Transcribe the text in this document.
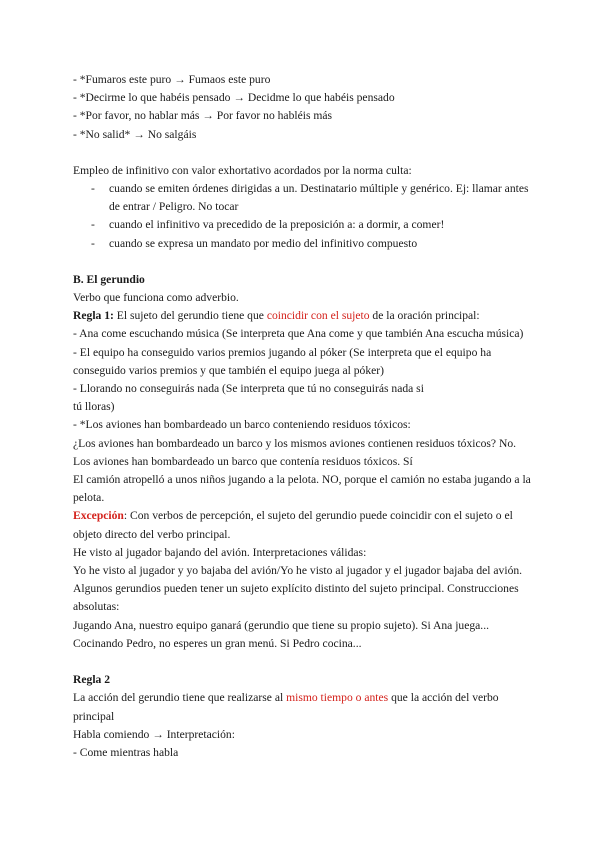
- *Fumaros este puro → Fumaos este puro
- *Decirme lo que habéis pensado → Decidme lo que habéis pensado
- *Por favor, no hablar más → Por favor no habléis más
- *No salid* → No salgáis
Empleo de infinitivo con valor exhortativo acordados por la norma culta:
- cuando se emiten órdenes dirigidas a un. Destinatario múltiple y genérico. Ej: llamar antes de entrar / Peligro. No tocar
- cuando el infinitivo va precedido de la preposición a: a dormir, a comer!
- cuando se expresa un mandato por medio del infinitivo compuesto
B. El gerundio
Verbo que funciona como adverbio.
Regla 1: El sujeto del gerundio tiene que coincidir con el sujeto de la oración principal:
- Ana come escuchando música (Se interpreta que Ana come y que también Ana escucha música)
- El equipo ha conseguido varios premios jugando al póker (Se interpreta que el equipo ha
conseguido varios premios y que también el equipo juega al póker)
- Llorando no conseguirás nada (Se interpreta que tú no conseguirás nada si
tú lloras)
- *Los aviones han bombardeado un barco conteniendo residuos tóxicos:
¿Los aviones han bombardeado un barco y los mismos aviones contienen residuos tóxicos? No.
Los aviones han bombardeado un barco que contenía residuos tóxicos. Sí
El camión atropelló a unos niños jugando a la pelota. NO, porque el camión no estaba jugando a la
pelota.
Excepción: Con verbos de percepción, el sujeto del gerundio puede coincidir con el sujeto o el
objeto directo del verbo principal.
He visto al jugador bajando del avión. Interpretaciones válidas:
Yo he visto al jugador y yo bajaba del avión/Yo he visto al jugador y el jugador bajaba del avión.
Algunos gerundios pueden tener un sujeto explícito distinto del sujeto principal. Construcciones
absolutas:
Jugando Ana, nuestro equipo ganará (gerundio que tiene su propio sujeto). Si Ana juega...
Cocinando Pedro, no esperes un gran menú. Si Pedro cocina...
Regla 2
La acción del gerundio tiene que realizarse al mismo tiempo o antes que la acción del verbo
principal
Habla comiendo → Interpretación:
- Come mientras habla
